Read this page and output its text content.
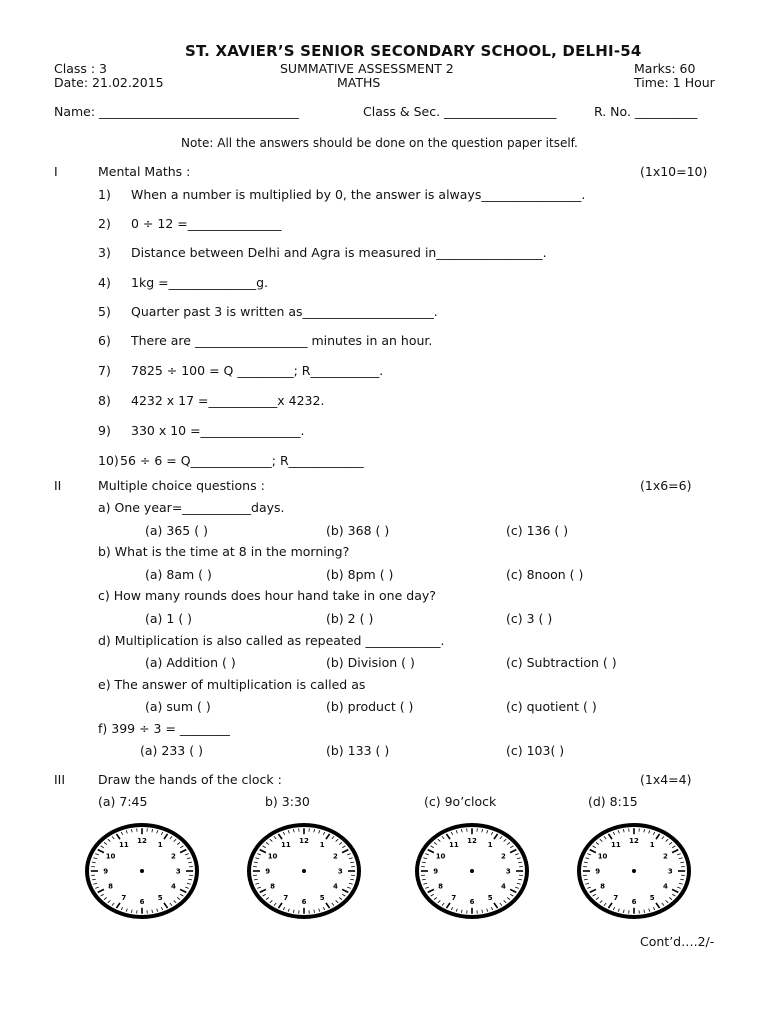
ST. XAVIER’S SENIOR SECONDARY SCHOOL, DELHI-54
Class : 3	SUMMATIVE ASSESSMENT 2	Marks: 60
Date: 21.02.2015	MATHS	Time: 1 Hour
Name: ________________________________	Class & Sec. __________________	R. No. __________
Note: All the answers should be done on the question paper itself.
I	Mental Maths :	(1x10=10)
1) When a number is multiplied by 0, the answer is always________________.
2) 0 ÷ 12 =_______________
3) Distance between Delhi and Agra is measured in_________________.
4) 1kg =______________g.
5) Quarter past 3 is written as_____________________.
6) There are __________________ minutes in an hour.
7) 7825 ÷ 100 = Q _________; R___________.
8) 4232 x 17 =___________x 4232.
9) 330 x 10 =________________.
10) 56 ÷ 6 = Q_____________; R____________
II	Multiple choice questions :	(1x6=6)
a) One year=___________days.
(a) 365 ( )	(b) 368 ( )	(c) 136 ( )
b) What is the time at 8 in the morning?
(a) 8am ( )	(b) 8pm ( )	(c) 8noon ( )
c) How many rounds does hour hand take in one day?
(a) 1 ( )	(b) 2 ( )	(c) 3 ( )
d) Multiplication is also called as repeated ____________.
(a) Addition ( )	(b) Division ( )	(c) Subtraction ( )
e) The answer of multiplication is called as
(a) sum ( )	(b) product ( )	(c) quotient ( )
f) 399 ÷ 3 = ________
(a) 233 ( )	(b) 133 ( )	(c) 103( )
III	Draw the hands of the clock :	(1x4=4)
(a) 7:45	b) 3:30	(c) 9o’clock	(d) 8:15
12
1
2
3
4
5
6
7
8
9
10
11
12
1
2
3
4
5
6
7
8
9
10
11
12
1
2
3
4
5
6
7
8
9
10
11
12
1
2
3
4
5
6
7
8
9
10
11
Cont’d….2/-
